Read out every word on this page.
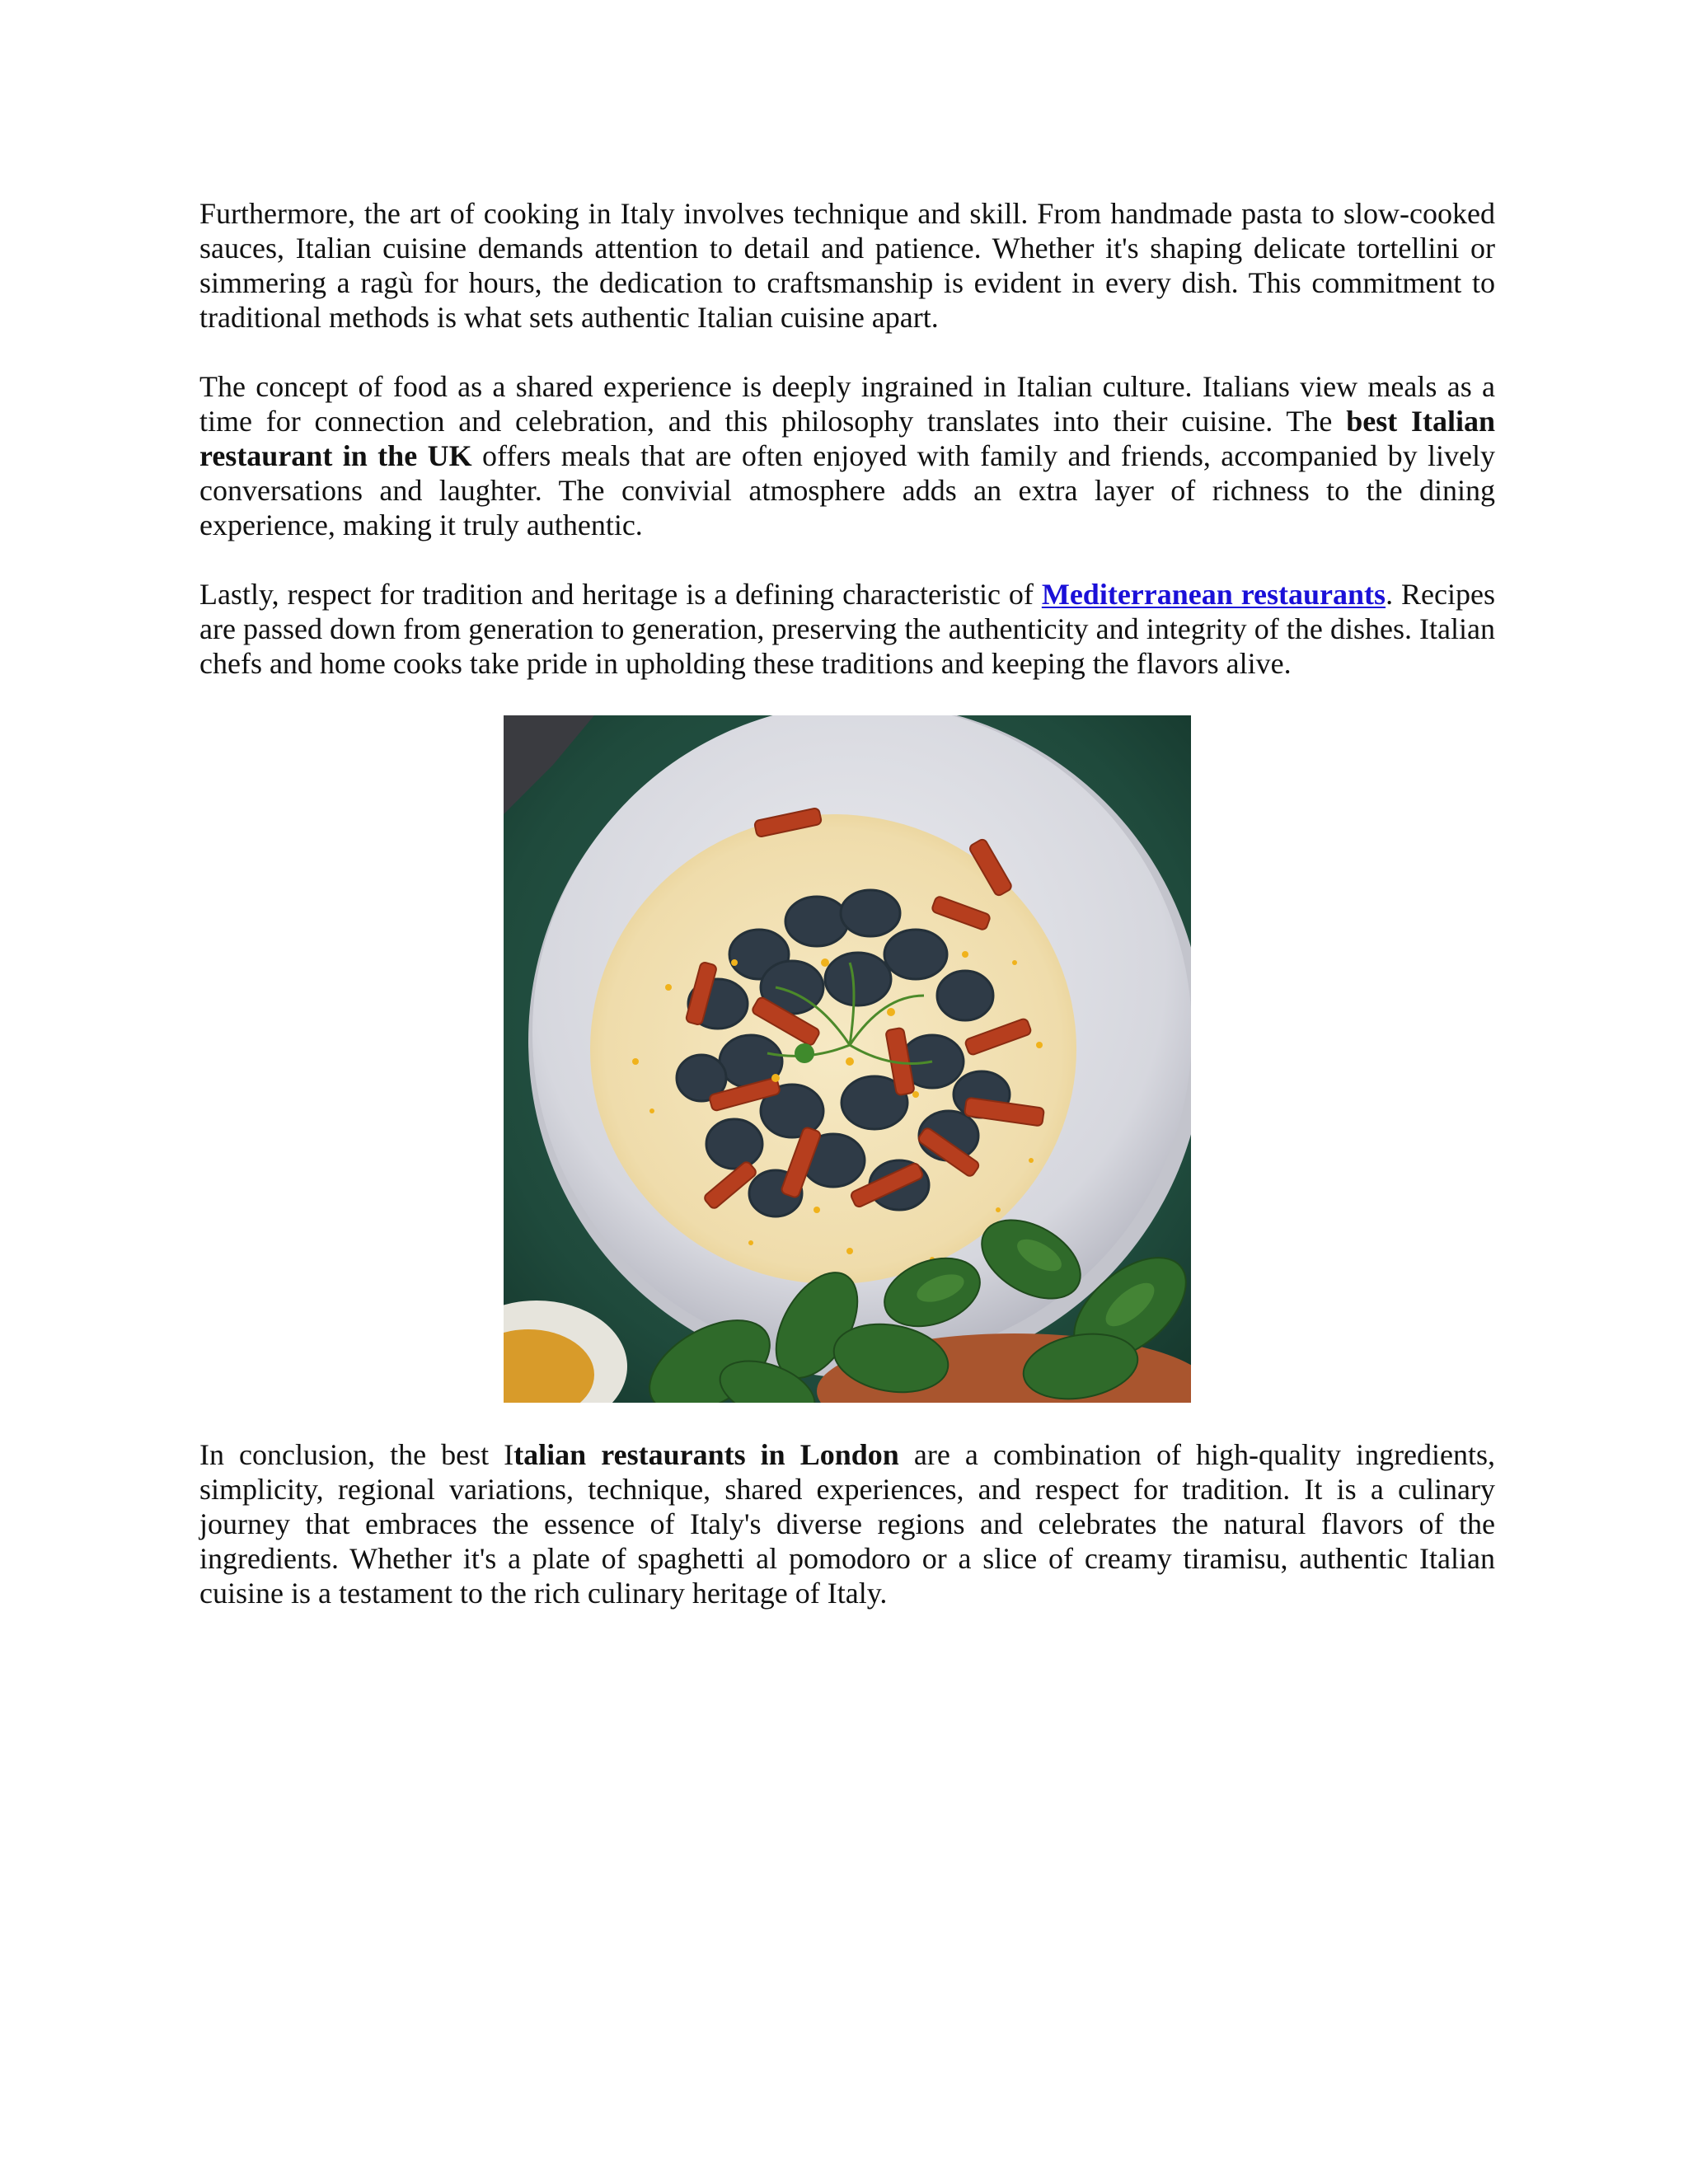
Furthermore, the art of cooking in Italy involves technique and skill. From handmade pasta to slow-cooked sauces, Italian cuisine demands attention to detail and patience. Whether it's shaping delicate tortellini or simmering a ragù for hours, the dedication to craftsmanship is evident in every dish. This commitment to traditional methods is what sets authentic Italian cuisine apart.

The concept of food as a shared experience is deeply ingrained in Italian culture. Italians view meals as a time for connection and celebration, and this philosophy translates into their cuisine. The best Italian restaurant in the UK offers meals that are often enjoyed with family and friends, accompanied by lively conversations and laughter. The convivial atmosphere adds an extra layer of richness to the dining experience, making it truly authentic.

Lastly, respect for tradition and heritage is a defining characteristic of Mediterranean restaurants. Recipes are passed down from generation to generation, preserving the authenticity and integrity of the dishes. Italian chefs and home cooks take pride in upholding these traditions and keeping the flavors alive.

In conclusion, the best Italian restaurants in London are a combination of high-quality ingredients, simplicity, regional variations, technique, shared experiences, and respect for tradition. It is a culinary journey that embraces the essence of Italy's diverse regions and celebrates the natural flavors of the ingredients. Whether it's a plate of spaghetti al pomodoro or a slice of creamy tiramisu, authentic Italian cuisine is a testament to the rich culinary heritage of Italy.
